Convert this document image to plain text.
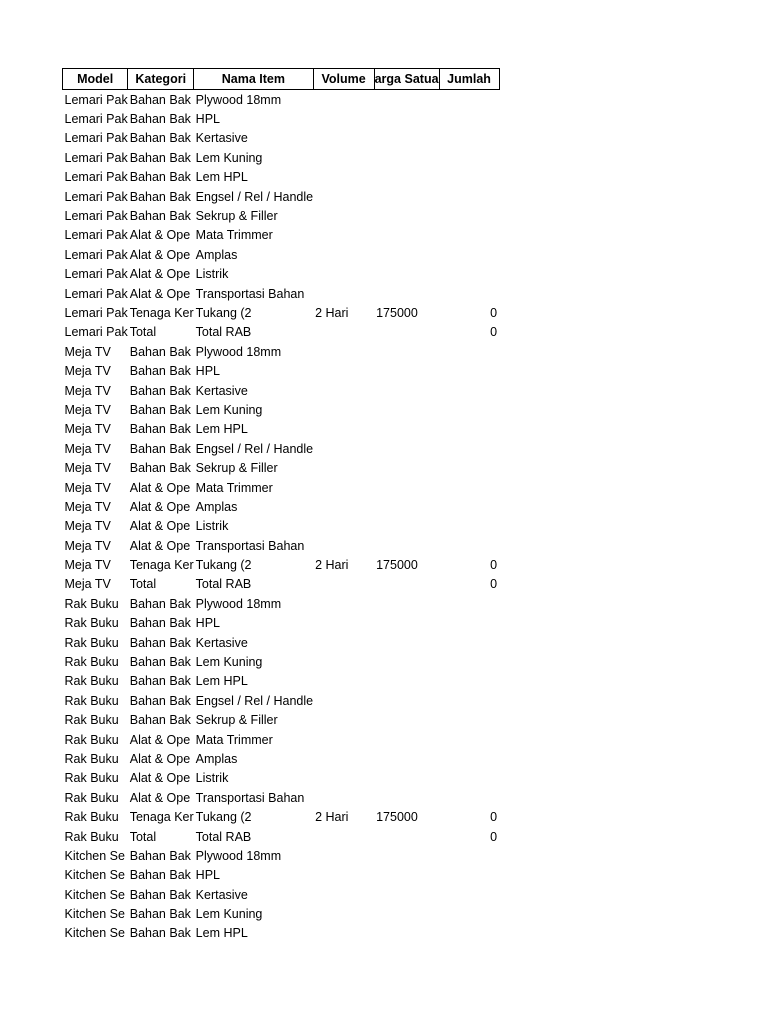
Model	Kategori	Nama Item	Volume	arga Satua	Jumlah
Lemari Pak	Bahan Bak	Plywood 18mm			
Lemari Pak	Bahan Bak	HPL			
Lemari Pak	Bahan Bak	Kertasive			
Lemari Pak	Bahan Bak	Lem Kuning			
Lemari Pak	Bahan Bak	Lem HPL			
Lemari Pak	Bahan Bak	Engsel / Rel / Handle			
Lemari Pak	Bahan Bak	Sekrup & Filler			
Lemari Pak	Alat & Ope	Mata Trimmer			
Lemari Pak	Alat & Ope	Amplas			
Lemari Pak	Alat & Ope	Listrik			
Lemari Pak	Alat & Ope	Transportasi Bahan			
Lemari Pak	Tenaga Ker	Tukang (2	2 Hari	175000	0
Lemari Pak	Total	Total RAB			0
Meja TV	Bahan Bak	Plywood 18mm			
Meja TV	Bahan Bak	HPL			
Meja TV	Bahan Bak	Kertasive			
Meja TV	Bahan Bak	Lem Kuning			
Meja TV	Bahan Bak	Lem HPL			
Meja TV	Bahan Bak	Engsel / Rel / Handle			
Meja TV	Bahan Bak	Sekrup & Filler			
Meja TV	Alat & Ope	Mata Trimmer			
Meja TV	Alat & Ope	Amplas			
Meja TV	Alat & Ope	Listrik			
Meja TV	Alat & Ope	Transportasi Bahan			
Meja TV	Tenaga Ker	Tukang (2	2 Hari	175000	0
Meja TV	Total	Total RAB			0
Rak Buku	Bahan Bak	Plywood 18mm			
Rak Buku	Bahan Bak	HPL			
Rak Buku	Bahan Bak	Kertasive			
Rak Buku	Bahan Bak	Lem Kuning			
Rak Buku	Bahan Bak	Lem HPL			
Rak Buku	Bahan Bak	Engsel / Rel / Handle			
Rak Buku	Bahan Bak	Sekrup & Filler			
Rak Buku	Alat & Ope	Mata Trimmer			
Rak Buku	Alat & Ope	Amplas			
Rak Buku	Alat & Ope	Listrik			
Rak Buku	Alat & Ope	Transportasi Bahan			
Rak Buku	Tenaga Ker	Tukang (2	2 Hari	175000	0
Rak Buku	Total	Total RAB			0
Kitchen Se	Bahan Bak	Plywood 18mm			
Kitchen Se	Bahan Bak	HPL			
Kitchen Se	Bahan Bak	Kertasive			
Kitchen Se	Bahan Bak	Lem Kuning			
Kitchen Se	Bahan Bak	Lem HPL			
